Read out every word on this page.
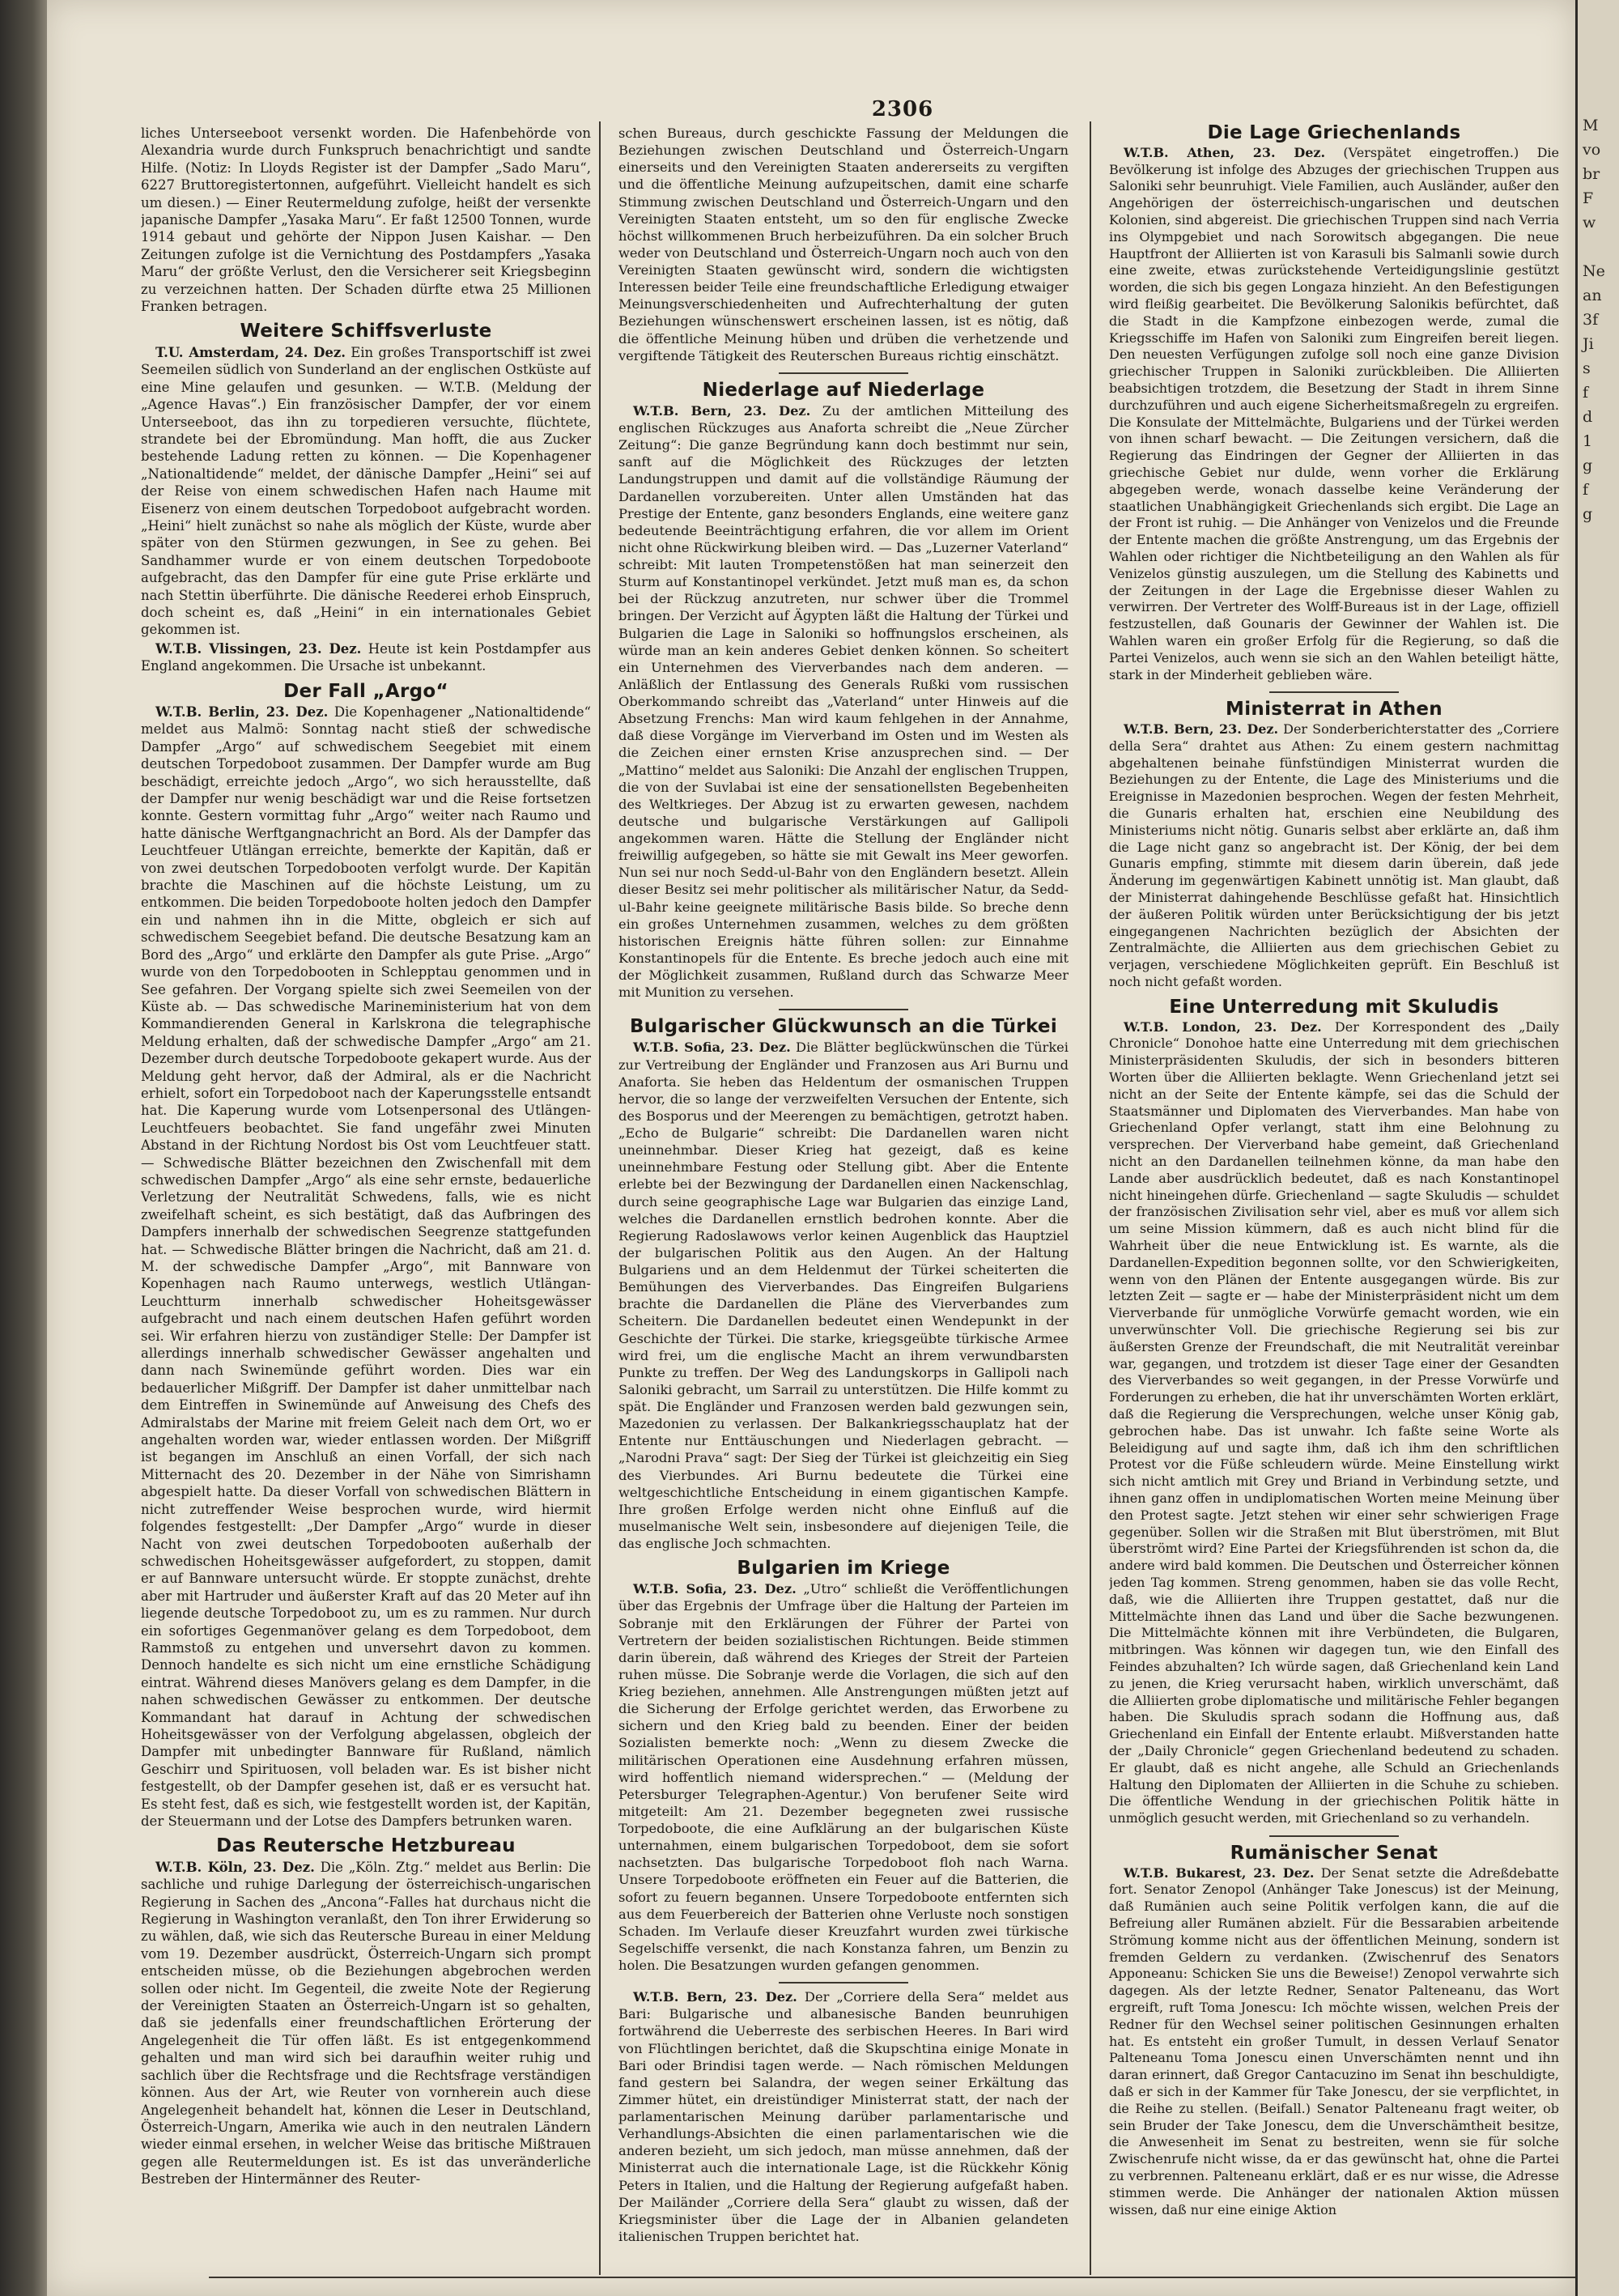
2306

liches Unterseeboot versenkt worden. Die Hafenbehörde von Alexandria wurde durch Funkspruch benachrichtigt und sandte Hilfe. (Notiz: In Lloyds Register ist der Dampfer „Sado Maru“, 6227 Bruttoregistertonnen, aufgeführt. Vielleicht handelt es sich um diesen.) — Einer Reutermeldung zufolge, heißt der versenkte japanische Dampfer „Yasaka Maru“. Er faßt 12500 Tonnen, wurde 1914 gebaut und gehörte der Nippon Jusen Kaishar. — Den Zeitungen zufolge ist die Vernichtung des Postdampfers „Yasaka Maru“ der größte Verlust, den die Versicherer seit Kriegsbeginn zu verzeichnen hatten. Der Schaden dürfte etwa 25 Millionen Franken betragen.

Weitere Schiffsverluste

T.U. Amsterdam, 24. Dez. Ein großes Transportschiff ist zwei Seemeilen südlich von Sunderland an der englischen Ostküste auf eine Mine gelaufen und gesunken. — W.T.B. (Meldung der „Agence Havas“.) Ein französischer Dampfer, der vor einem Unterseeboot, das ihn zu torpedieren versuchte, flüchtete, strandete bei der Ebromündung. Man hofft, die aus Zucker bestehende Ladung retten zu können. — Die Kopenhagener „Nationaltidende“ meldet, der dänische Dampfer „Heini“ sei auf der Reise von einem schwedischen Hafen nach Haume mit Eisenerz von einem deutschen Torpedoboot aufgebracht worden. „Heini“ hielt zunächst so nahe als möglich der Küste, wurde aber später von den Stürmen gezwungen, in See zu gehen. Bei Sandhammer wurde er von einem deutschen Torpedoboote aufgebracht, das den Dampfer für eine gute Prise erklärte und nach Stettin überführte. Die dänische Reederei erhob Einspruch, doch scheint es, daß „Heini“ in ein internationales Gebiet gekommen ist.

W.T.B. Vlissingen, 23. Dez. Heute ist kein Postdampfer aus England angekommen. Die Ursache ist unbekannt.

Der Fall „Argo“

W.T.B. Berlin, 23. Dez. Die Kopenhagener „Nationaltidende“ meldet aus Malmö: Sonntag nacht stieß der schwedische Dampfer „Argo“ auf schwedischem Seegebiet mit einem deutschen Torpedoboot zusammen. Der Dampfer wurde am Bug beschädigt, erreichte jedoch „Argo“, wo sich herausstellte, daß der Dampfer nur wenig beschädigt war und die Reise fortsetzen konnte. Gestern vormittag fuhr „Argo“ weiter nach Raumo und hatte dänische Werftgangnachricht an Bord. Als der Dampfer das Leuchtfeuer Utlängan erreichte, bemerkte der Kapitän, daß er von zwei deutschen Torpedobooten verfolgt wurde. Der Kapitän brachte die Maschinen auf die höchste Leistung, um zu entkommen. Die beiden Torpedoboote holten jedoch den Dampfer ein und nahmen ihn in die Mitte, obgleich er sich auf schwedischem Seegebiet befand. Die deutsche Besatzung kam an Bord des „Argo“ und erklärte den Dampfer als gute Prise. „Argo“ wurde von den Torpedobooten in Schlepptau genommen und in See gefahren. Der Vorgang spielte sich zwei Seemeilen von der Küste ab. — Das schwedische Marineministerium hat von dem Kommandierenden General in Karlskrona die telegraphische Meldung erhalten, daß der schwedische Dampfer „Argo“ am 21. Dezember durch deutsche Torpedoboote gekapert wurde. Aus der Meldung geht hervor, daß der Admiral, als er die Nachricht erhielt, sofort ein Torpedoboot nach der Kaperungsstelle entsandt hat. Die Kaperung wurde vom Lotsenpersonal des Utlängen-Leuchtfeuers beobachtet. Sie fand ungefähr zwei Minuten Abstand in der Richtung Nordost bis Ost vom Leuchtfeuer statt. — Schwedische Blätter bezeichnen den Zwischenfall mit dem schwedischen Dampfer „Argo“ als eine sehr ernste, bedauerliche Verletzung der Neutralität Schwedens, falls, wie es nicht zweifelhaft scheint, es sich bestätigt, daß das Aufbringen des Dampfers innerhalb der schwedischen Seegrenze stattgefunden hat. — Schwedische Blätter bringen die Nachricht, daß am 21. d. M. der schwedische Dampfer „Argo“, mit Bannware von Kopenhagen nach Raumo unterwegs, westlich Utlängan-Leuchtturm innerhalb schwedischer Hoheitsgewässer aufgebracht und nach einem deutschen Hafen geführt worden sei. Wir erfahren hierzu von zuständiger Stelle: Der Dampfer ist allerdings innerhalb schwedischer Gewässer angehalten und dann nach Swinemünde geführt worden. Dies war ein bedauerlicher Mißgriff. Der Dampfer ist daher unmittelbar nach dem Eintreffen in Swinemünde auf Anweisung des Chefs des Admiralstabs der Marine mit freiem Geleit nach dem Ort, wo er angehalten worden war, wieder entlassen worden. Der Mißgriff ist begangen im Anschluß an einen Vorfall, der sich nach Mitternacht des 20. Dezember in der Nähe von Simrishamn abgespielt hatte. Da dieser Vorfall von schwedischen Blättern in nicht zutreffender Weise besprochen wurde, wird hiermit folgendes festgestellt: „Der Dampfer „Argo“ wurde in dieser Nacht von zwei deutschen Torpedobooten außerhalb der schwedischen Hoheitsgewässer aufgefordert, zu stoppen, damit er auf Bannware untersucht würde. Er stoppte zunächst, drehte aber mit Hartruder und äußerster Kraft auf das 20 Meter auf ihn liegende deutsche Torpedoboot zu, um es zu rammen. Nur durch ein sofortiges Gegenmanöver gelang es dem Torpedoboot, dem Rammstoß zu entgehen und unversehrt davon zu kommen. Dennoch handelte es sich nicht um eine ernstliche Schädigung eintrat. Während dieses Manövers gelang es dem Dampfer, in die nahen schwedischen Gewässer zu entkommen. Der deutsche Kommandant hat darauf in Achtung der schwedischen Hoheitsgewässer von der Verfolgung abgelassen, obgleich der Dampfer mit unbedingter Bannware für Rußland, nämlich Geschirr und Spirituosen, voll beladen war. Es ist bisher nicht festgestellt, ob der Dampfer gesehen ist, daß er es versucht hat. Es steht fest, daß es sich, wie festgestellt worden ist, der Kapitän, der Steuermann und der Lotse des Dampfers betrunken waren.

Das Reutersche Hetzbureau

W.T.B. Köln, 23. Dez. Die „Köln. Ztg.“ meldet aus Berlin: Die sachliche und ruhige Darlegung der österreichisch-ungarischen Regierung in Sachen des „Ancona“-Falles hat durchaus nicht die Regierung in Washington veranlaßt, den Ton ihrer Erwiderung so zu wählen, daß, wie sich das Reutersche Bureau in einer Meldung vom 19. Dezember ausdrückt, Österreich-Ungarn sich prompt entscheiden müsse, ob die Beziehungen abgebrochen werden sollen oder nicht. Im Gegenteil, die zweite Note der Regierung der Vereinigten Staaten an Österreich-Ungarn ist so gehalten, daß sie jedenfalls einer freundschaftlichen Erörterung der Angelegenheit die Tür offen läßt. Es ist entgegenkommend gehalten und man wird sich bei daraufhin weiter ruhig und sachlich über die Rechtsfrage und die Rechtsfrage verständigen können. Aus der Art, wie Reuter von vornherein auch diese Angelegenheit behandelt hat, können die Leser in Deutschland, Österreich-Ungarn, Amerika wie auch in den neutralen Ländern wieder einmal ersehen, in welcher Weise das britische Mißtrauen gegen alle Reutermeldungen ist. Es ist das unveränderliche Bestreben der Hintermänner des Reuter-

schen Bureaus, durch geschickte Fassung der Meldungen die Beziehungen zwischen Deutschland und Österreich-Ungarn einerseits und den Vereinigten Staaten andererseits zu vergiften und die öffentliche Meinung aufzupeitschen, damit eine scharfe Stimmung zwischen Deutschland und Österreich-Ungarn und den Vereinigten Staaten entsteht, um so den für englische Zwecke höchst willkommenen Bruch herbeizuführen. Da ein solcher Bruch weder von Deutschland und Österreich-Ungarn noch auch von den Vereinigten Staaten gewünscht wird, sondern die wichtigsten Interessen beider Teile eine freundschaftliche Erledigung etwaiger Meinungsverschiedenheiten und Aufrechterhaltung der guten Beziehungen wünschenswert erscheinen lassen, ist es nötig, daß die öffentliche Meinung hüben und drüben die verhetzende und vergiftende Tätigkeit des Reuterschen Bureaus richtig einschätzt.

Niederlage auf Niederlage

W.T.B. Bern, 23. Dez. Zu der amtlichen Mitteilung des englischen Rückzuges aus Anaforta schreibt die „Neue Zürcher Zeitung“: Die ganze Begründung kann doch bestimmt nur sein, sanft auf die Möglichkeit des Rückzuges der letzten Landungstruppen und damit auf die vollständige Räumung der Dardanellen vorzubereiten. Unter allen Umständen hat das Prestige der Entente, ganz besonders Englands, eine weitere ganz bedeutende Beeinträchtigung erfahren, die vor allem im Orient nicht ohne Rückwirkung bleiben wird. — Das „Luzerner Vaterland“ schreibt: Mit lauten Trompetenstößen hat man seinerzeit den Sturm auf Konstantinopel verkündet. Jetzt muß man es, da schon bei der Rückzug anzutreten, nur schwer über die Trommel bringen. Der Verzicht auf Ägypten läßt die Haltung der Türkei und Bulgarien die Lage in Saloniki so hoffnungslos erscheinen, als würde man an kein anderes Gebiet denken können. So scheitert ein Unternehmen des Vierverbandes nach dem anderen. — Anläßlich der Entlassung des Generals Rußki vom russischen Oberkommando schreibt das „Vaterland“ unter Hinweis auf die Absetzung Frenchs: Man wird kaum fehlgehen in der Annahme, daß diese Vorgänge im Vierverband im Osten und im Westen als die Zeichen einer ernsten Krise anzusprechen sind. — Der „Mattino“ meldet aus Saloniki: Die Anzahl der englischen Truppen, die von der Suvlabai ist eine der sensationellsten Begebenheiten des Weltkrieges. Der Abzug ist zu erwarten gewesen, nachdem deutsche und bulgarische Verstärkungen auf Gallipoli angekommen waren. Hätte die Stellung der Engländer nicht freiwillig aufgegeben, so hätte sie mit Gewalt ins Meer geworfen. Nun sei nur noch Sedd-ul-Bahr von den Engländern besetzt. Allein dieser Besitz sei mehr politischer als militärischer Natur, da Sedd-ul-Bahr keine geeignete militärische Basis bilde. So breche denn ein großes Unternehmen zusammen, welches zu dem größten historischen Ereignis hätte führen sollen: zur Einnahme Konstantinopels für die Entente. Es breche jedoch auch eine mit der Möglichkeit zusammen, Rußland durch das Schwarze Meer mit Munition zu versehen.

Bulgarischer Glückwunsch an die Türkei

W.T.B. Sofia, 23. Dez. Die Blätter beglückwünschen die Türkei zur Vertreibung der Engländer und Franzosen aus Ari Burnu und Anaforta. Sie heben das Heldentum der osmanischen Truppen hervor, die so lange der verzweifelten Versuchen der Entente, sich des Bosporus und der Meerengen zu bemächtigen, getrotzt haben. „Echo de Bulgarie“ schreibt: Die Dardanellen waren nicht uneinnehmbar. Dieser Krieg hat gezeigt, daß es keine uneinnehmbare Festung oder Stellung gibt. Aber die Entente erlebte bei der Bezwingung der Dardanellen einen Nackenschlag, durch seine geographische Lage war Bulgarien das einzige Land, welches die Dardanellen ernstlich bedrohen konnte. Aber die Regierung Radoslawows verlor keinen Augenblick das Hauptziel der bulgarischen Politik aus den Augen. An der Haltung Bulgariens und an dem Heldenmut der Türkei scheiterten die Bemühungen des Vierverbandes. Das Eingreifen Bulgariens brachte die Dardanellen die Pläne des Vierverbandes zum Scheitern. Die Dardanellen bedeutet einen Wendepunkt in der Geschichte der Türkei. Die starke, kriegsgeübte türkische Armee wird frei, um die englische Macht an ihrem verwundbarsten Punkte zu treffen. Der Weg des Landungskorps in Gallipoli nach Saloniki gebracht, um Sarrail zu unterstützen. Die Hilfe kommt zu spät. Die Engländer und Franzosen werden bald gezwungen sein, Mazedonien zu verlassen. Der Balkankriegsschauplatz hat der Entente nur Enttäuschungen und Niederlagen gebracht. — „Narodni Prava“ sagt: Der Sieg der Türkei ist gleichzeitig ein Sieg des Vierbundes. Ari Burnu bedeutete die Türkei eine weltgeschichtliche Entscheidung in einem gigantischen Kampfe. Ihre großen Erfolge werden nicht ohne Einfluß auf die muselmanische Welt sein, insbesondere auf diejenigen Teile, die das englische Joch schmachten.

Bulgarien im Kriege

W.T.B. Sofia, 23. Dez. „Utro“ schließt die Veröffentlichungen über das Ergebnis der Umfrage über die Haltung der Parteien im Sobranje mit den Erklärungen der Führer der Partei von Vertretern der beiden sozialistischen Richtungen. Beide stimmen darin überein, daß während des Krieges der Streit der Parteien ruhen müsse. Die Sobranje werde die Vorlagen, die sich auf den Krieg beziehen, annehmen. Alle Anstrengungen müßten jetzt auf die Sicherung der Erfolge gerichtet werden, das Erworbene zu sichern und den Krieg bald zu beenden. Einer der beiden Sozialisten bemerkte noch: „Wenn zu diesem Zwecke die militärischen Operationen eine Ausdehnung erfahren müssen, wird hoffentlich niemand widersprechen.“ — (Meldung der Petersburger Telegraphen-Agentur.) Von berufener Seite wird mitgeteilt: Am 21. Dezember begegneten zwei russische Torpedoboote, die eine Aufklärung an der bulgarischen Küste unternahmen, einem bulgarischen Torpedoboot, dem sie sofort nachsetzten. Das bulgarische Torpedoboot floh nach Warna. Unsere Torpedoboote eröffneten ein Feuer auf die Batterien, die sofort zu feuern begannen. Unsere Torpedoboote entfernten sich aus dem Feuerbereich der Batterien ohne Verluste noch sonstigen Schaden. Im Verlaufe dieser Kreuzfahrt wurden zwei türkische Segelschiffe versenkt, die nach Konstanza fahren, um Benzin zu holen. Die Besatzungen wurden gefangen genommen.

W.T.B. Bern, 23. Dez. Der „Corriere della Sera“ meldet aus Bari: Bulgarische und albanesische Banden beunruhigen fortwährend die Ueberreste des serbischen Heeres. In Bari wird von Flüchtlingen berichtet, daß die Skupschtina einige Monate in Bari oder Brindisi tagen werde. — Nach römischen Meldungen fand gestern bei Salandra, der wegen seiner Erkältung das Zimmer hütet, ein dreistündiger Ministerrat statt, der nach der parlamentarischen Meinung darüber parlamentarische und Verhandlungs-Absichten die einen parlamentarischen wie die anderen bezieht, um sich jedoch, man müsse annehmen, daß der Ministerrat auch die internationale Lage, ist die Rückkehr König Peters in Italien, und die Haltung der Regierung aufgefaßt haben. Der Mailänder „Corriere della Sera“ glaubt zu wissen, daß der Kriegsminister über die Lage der in Albanien gelandeten italienischen Truppen berichtet hat.

Die Lage Griechenlands

W.T.B. Athen, 23. Dez. (Verspätet eingetroffen.) Die Bevölkerung ist infolge des Abzuges der griechischen Truppen aus Saloniki sehr beunruhigt. Viele Familien, auch Ausländer, außer den Angehörigen der österreichisch-ungarischen und deutschen Kolonien, sind abgereist. Die griechischen Truppen sind nach Verria ins Olympgebiet und nach Sorowitsch abgegangen. Die neue Hauptfront der Alliierten ist von Karasuli bis Salmanli sowie durch eine zweite, etwas zurückstehende Verteidigungslinie gestützt worden, die sich bis gegen Longaza hinzieht. An den Befestigungen wird fleißig gearbeitet. Die Bevölkerung Salonikis befürchtet, daß die Stadt in die Kampfzone einbezogen werde, zumal die Kriegsschiffe im Hafen von Saloniki zum Eingreifen bereit liegen. Den neuesten Verfügungen zufolge soll noch eine ganze Division griechischer Truppen in Saloniki zurückbleiben. Die Alliierten beabsichtigen trotzdem, die Besetzung der Stadt in ihrem Sinne durchzuführen und auch eigene Sicherheitsmaßregeln zu ergreifen. Die Konsulate der Mittelmächte, Bulgariens und der Türkei werden von ihnen scharf bewacht. — Die Zeitungen versichern, daß die Regierung das Eindringen der Gegner der Alliierten in das griechische Gebiet nur dulde, wenn vorher die Erklärung abgegeben werde, wonach dasselbe keine Veränderung der staatlichen Unabhängigkeit Griechenlands sich ergibt. Die Lage an der Front ist ruhig. — Die Anhänger von Venizelos und die Freunde der Entente machen die größte Anstrengung, um das Ergebnis der Wahlen oder richtiger die Nichtbeteiligung an den Wahlen als für Venizelos günstig auszulegen, um die Stellung des Kabinetts und der Zeitungen in der Lage die Ergebnisse dieser Wahlen zu verwirren. Der Vertreter des Wolff-Bureaus ist in der Lage, offiziell festzustellen, daß Gounaris der Gewinner der Wahlen ist. Die Wahlen waren ein großer Erfolg für die Regierung, so daß die Partei Venizelos, auch wenn sie sich an den Wahlen beteiligt hätte, stark in der Minderheit geblieben wäre.

Ministerrat in Athen

W.T.B. Bern, 23. Dez. Der Sonderberichterstatter des „Corriere della Sera“ drahtet aus Athen: Zu einem gestern nachmittag abgehaltenen beinahe fünfstündigen Ministerrat wurden die Beziehungen zu der Entente, die Lage des Ministeriums und die Ereignisse in Mazedonien besprochen. Wegen der festen Mehrheit, die Gunaris erhalten hat, erschien eine Neubildung des Ministeriums nicht nötig. Gunaris selbst aber erklärte an, daß ihm die Lage nicht ganz so angebracht ist. Der König, der bei dem Gunaris empfing, stimmte mit diesem darin überein, daß jede Änderung im gegenwärtigen Kabinett unnötig ist. Man glaubt, daß der Ministerrat dahingehende Beschlüsse gefaßt hat. Hinsichtlich der äußeren Politik würden unter Berücksichtigung der bis jetzt eingegangenen Nachrichten bezüglich der Absichten der Zentralmächte, die Alliierten aus dem griechischen Gebiet zu verjagen, verschiedene Möglichkeiten geprüft. Ein Beschluß ist noch nicht gefaßt worden.

Eine Unterredung mit Skuludis

W.T.B. London, 23. Dez. Der Korrespondent des „Daily Chronicle“ Donohoe hatte eine Unterredung mit dem griechischen Ministerpräsidenten Skuludis, der sich in besonders bitteren Worten über die Alliierten beklagte. Wenn Griechenland jetzt sei nicht an der Seite der Entente kämpfe, sei das die Schuld der Staatsmänner und Diplomaten des Vierverbandes. Man habe von Griechenland Opfer verlangt, statt ihm eine Belohnung zu versprechen. Der Vierverband habe gemeint, daß Griechenland nicht an den Dardanellen teilnehmen könne, da man habe den Lande aber ausdrücklich bedeutet, daß es nach Konstantinopel nicht hineingehen dürfe. Griechenland — sagte Skuludis — schuldet der französischen Zivilisation sehr viel, aber es muß vor allem sich um seine Mission kümmern, daß es auch nicht blind für die Wahrheit über die neue Entwicklung ist. Es warnte, als die Dardanellen-Expedition begonnen sollte, vor den Schwierigkeiten, wenn von den Plänen der Entente ausgegangen würde. Bis zur letzten Zeit — sagte er — habe der Ministerpräsident nicht um dem Vierverbande für unmögliche Vorwürfe gemacht worden, wie ein unverwünschter Voll. Die griechische Regierung sei bis zur äußersten Grenze der Freundschaft, die mit Neutralität vereinbar war, gegangen, und trotzdem ist dieser Tage einer der Gesandten des Vierverbandes so weit gegangen, in der Presse Vorwürfe und Forderungen zu erheben, die hat ihr unverschämten Worten erklärt, daß die Regierung die Versprechungen, welche unser König gab, gebrochen habe. Das ist unwahr. Ich faßte seine Worte als Beleidigung auf und sagte ihm, daß ich ihm den schriftlichen Protest vor die Füße schleudern würde. Meine Einstellung wirkt sich nicht amtlich mit Grey und Briand in Verbindung setzte, und ihnen ganz offen in undiplomatischen Worten meine Meinung über den Protest sagte. Jetzt stehen wir einer sehr schwierigen Frage gegenüber. Sollen wir die Straßen mit Blut überströmen, mit Blut überströmt wird? Eine Partei der Kriegsführenden ist schon da, die andere wird bald kommen. Die Deutschen und Österreicher können jeden Tag kommen. Streng genommen, haben sie das volle Recht, daß, wie die Alliierten ihre Truppen gestattet, daß nur die Mittelmächte ihnen das Land und über die Sache bezwungenen. Die Mittelmächte können mit ihre Verbündeten, die Bulgaren, mitbringen. Was können wir dagegen tun, wie den Einfall des Feindes abzuhalten? Ich würde sagen, daß Griechenland kein Land zu jenen, die Krieg verursacht haben, wirklich unverschämt, daß die Alliierten grobe diplomatische und militärische Fehler begangen haben. Die Skuludis sprach sodann die Hoffnung aus, daß Griechenland ein Einfall der Entente erlaubt. Mißverstanden hatte der „Daily Chronicle“ gegen Griechenland bedeutend zu schaden. Er glaubt, daß es nicht angehe, alle Schuld an Griechenlands Haltung den Diplomaten der Alliierten in die Schuhe zu schieben. Die öffentliche Wendung in der griechischen Politik hätte in unmöglich gesucht werden, mit Griechenland so zu verhandeln.

Rumänischer Senat

W.T.B. Bukarest, 23. Dez. Der Senat setzte die Adreßdebatte fort. Senator Zenopol (Anhänger Take Jonescus) ist der Meinung, daß Rumänien auch seine Politik verfolgen kann, die auf die Befreiung aller Rumänen abzielt. Für die Bessarabien arbeitende Strömung komme nicht aus der öffentlichen Meinung, sondern ist fremden Geldern zu verdanken. (Zwischenruf des Senators Apponeanu: Schicken Sie uns die Beweise!) Zenopol verwahrte sich dagegen. Als der letzte Redner, Senator Palteneanu, das Wort ergreift, ruft Toma Jonescu: Ich möchte wissen, welchen Preis der Redner für den Wechsel seiner politischen Gesinnungen erhalten hat. Es entsteht ein großer Tumult, in dessen Verlauf Senator Palteneanu Toma Jonescu einen Unverschämten nennt und ihn daran erinnert, daß Gregor Cantacuzino im Senat ihn beschuldigte, daß er sich in der Kammer für Take Jonescu, der sie verpflichtet, in die Reihe zu stellen. (Beifall.) Senator Palteneanu fragt weiter, ob sein Bruder der Take Jonescu, dem die Unverschämtheit besitze, die Anwesenheit im Senat zu bestreiten, wenn sie für solche Zwischenrufe nicht wisse, da er das gewünscht hat, ohne die Partei zu verbrennen. Palteneanu erklärt, daß er es nur wisse, die Adresse stimmen werde. Die Anhänger der nationalen Aktion müssen wissen, daß nur eine einige Aktion

M
vo
br
F
w

Ne
an
3f
Ji
s
f
d
1
g
f
g
